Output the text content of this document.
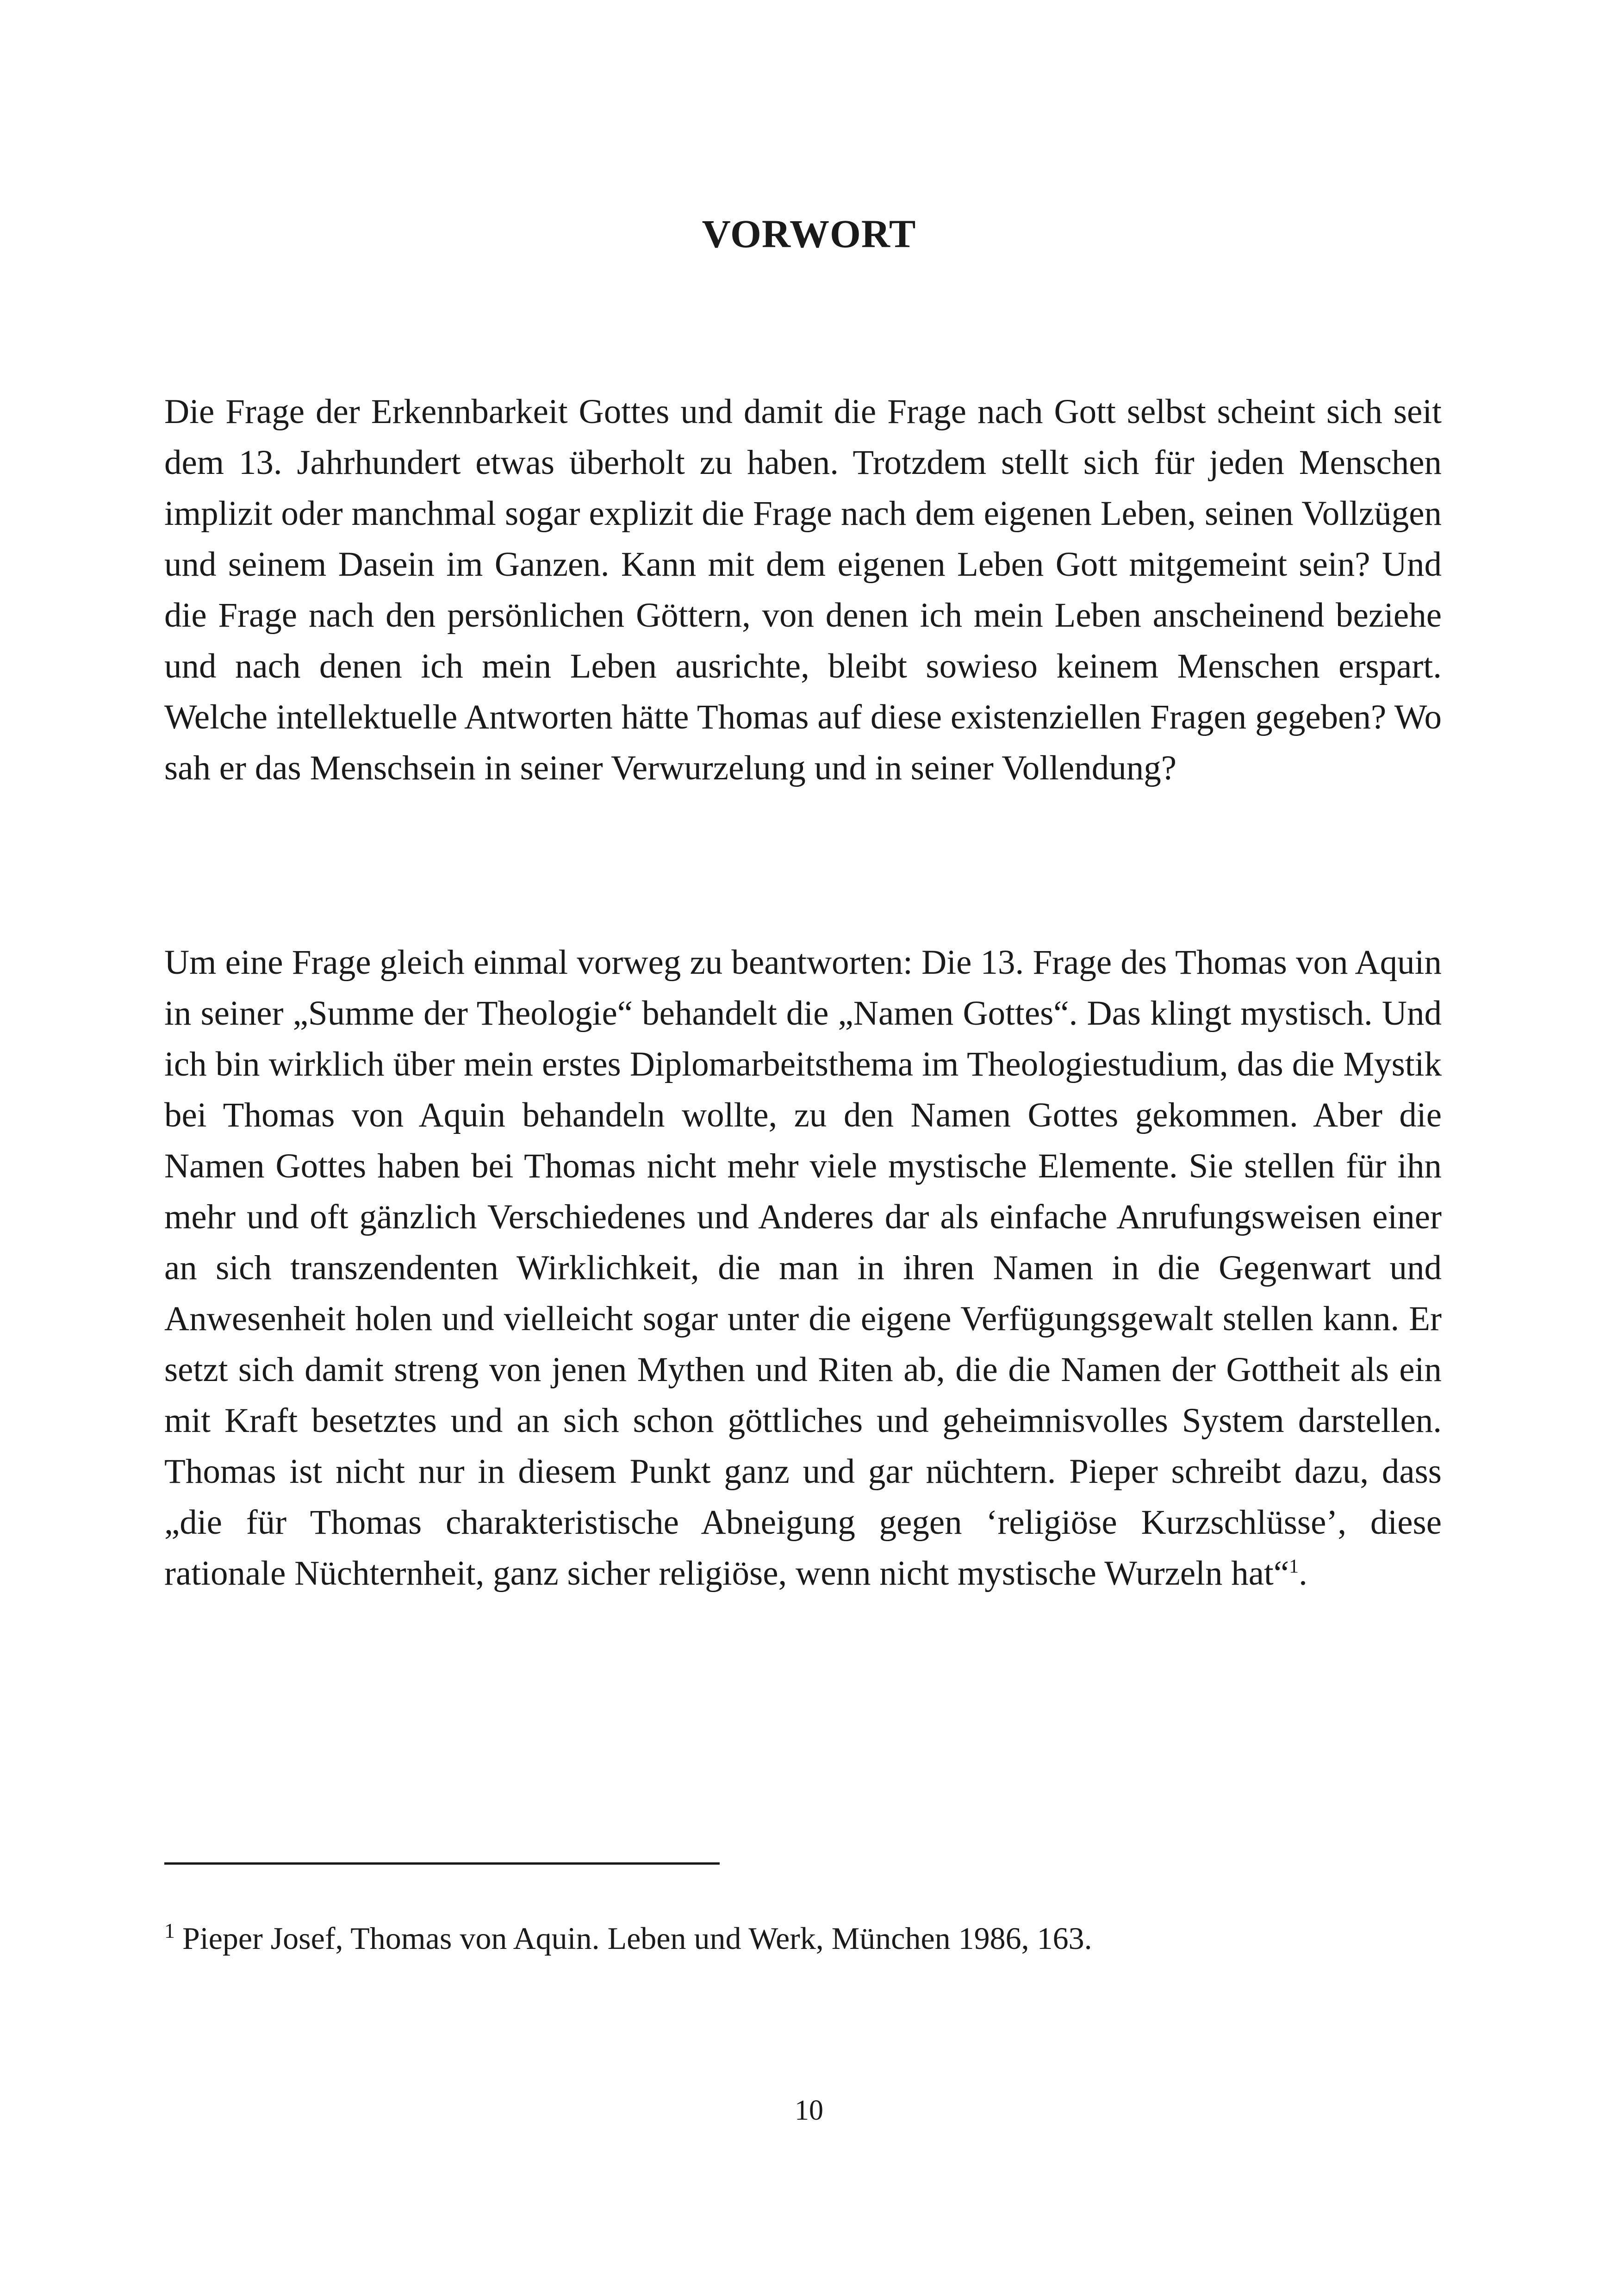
VORWORT

Die Frage der Erkennbarkeit Gottes und damit die Frage nach Gott selbst scheint sich seit dem 13. Jahrhundert etwas überholt zu haben. Trotzdem stellt sich für jeden Menschen implizit oder manchmal sogar explizit die Frage nach dem eigenen Leben, seinen Vollzügen und seinem Dasein im Ganzen. Kann mit dem eigenen Leben Gott mitgemeint sein? Und die Frage nach den persönlichen Göttern, von denen ich mein Leben anscheinend beziehe und nach denen ich mein Leben ausrichte, bleibt sowieso keinem Menschen erspart. Welche intellektuelle Antworten hätte Thomas auf diese existenziellen Fragen gegeben? Wo sah er das Menschsein in seiner Verwurzelung und in seiner Vollendung?

Um eine Frage gleich einmal vorweg zu beantworten: Die 13. Frage des Thomas von Aquin in seiner „Summe der Theologie“ behandelt die „Namen Gottes“. Das klingt mystisch. Und ich bin wirklich über mein erstes Diplomarbeitsthema im Theologiestudium, das die Mystik bei Thomas von Aquin behandeln wollte, zu den Namen Gottes gekommen. Aber die Namen Gottes haben bei Thomas nicht mehr viele mystische Elemente. Sie stellen für ihn mehr und oft gänzlich Verschiedenes und Anderes dar als einfache Anrufungsweisen einer an sich transzendenten Wirklichkeit, die man in ihren Namen in die Gegenwart und Anwesenheit holen und vielleicht sogar unter die eigene Verfügungsgewalt stellen kann. Er setzt sich damit streng von jenen Mythen und Riten ab, die die Namen der Gottheit als ein mit Kraft besetztes und an sich schon göttliches und geheimnisvolles System darstellen. Thomas ist nicht nur in diesem Punkt ganz und gar nüchtern. Pieper schreibt dazu, dass „die für Thomas charakteristische Abneigung gegen ‘religiöse Kurzschlüsse’, diese rationale Nüchternheit, ganz sicher religiöse, wenn nicht mystische Wurzeln hat“$^1$.

$^1$ Pieper Josef, Thomas von Aquin. Leben und Werk, München 1986, 163.
10
